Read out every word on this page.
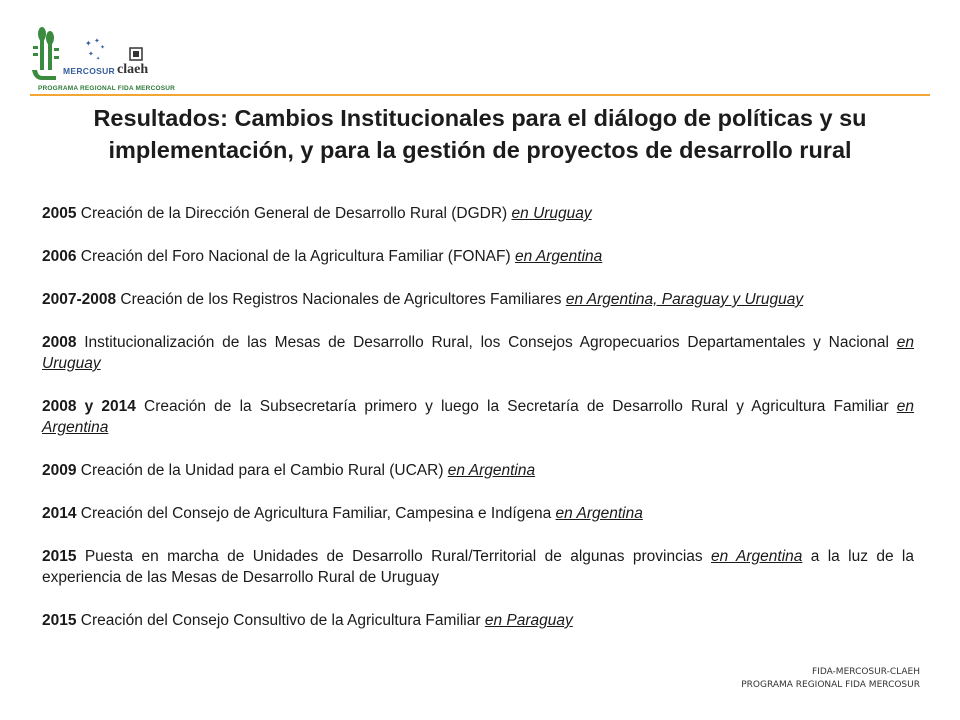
✦ ✦
✦
✦
✦
MERCOSUR claeh
PROGRAMA REGIONAL FIDA MERCOSUR
Resultados: Cambios Institucionales para el diálogo de políticas y su
implementación, y para la gestión de proyectos de desarrollo rural
2005 Creación de la Dirección General de Desarrollo Rural (DGDR) en Uruguay
2006 Creación del Foro Nacional de la Agricultura Familiar (FONAF) en Argentina
2007-2008 Creación de los Registros Nacionales de Agricultores Familiares en Argentina, Paraguay y Uruguay
2008 Institucionalización de las Mesas de Desarrollo Rural, los Consejos Agropecuarios Departamentales y Nacional en Uruguay
2008 y 2014 Creación de la Subsecretaría primero y luego la Secretaría de Desarrollo Rural y Agricultura Familiar en Argentina
2009 Creación de la Unidad para el Cambio Rural (UCAR) en Argentina
2014 Creación del Consejo de Agricultura Familiar, Campesina e Indígena en Argentina
2015 Puesta en marcha de Unidades de Desarrollo Rural/Territorial de algunas provincias en Argentina a la luz de la experiencia de las Mesas de Desarrollo Rural de Uruguay
2015 Creación del Consejo Consultivo de la Agricultura Familiar en Paraguay
FIDA-MERCOSUR-CLAEH
PROGRAMA REGIONAL FIDA MERCOSUR
